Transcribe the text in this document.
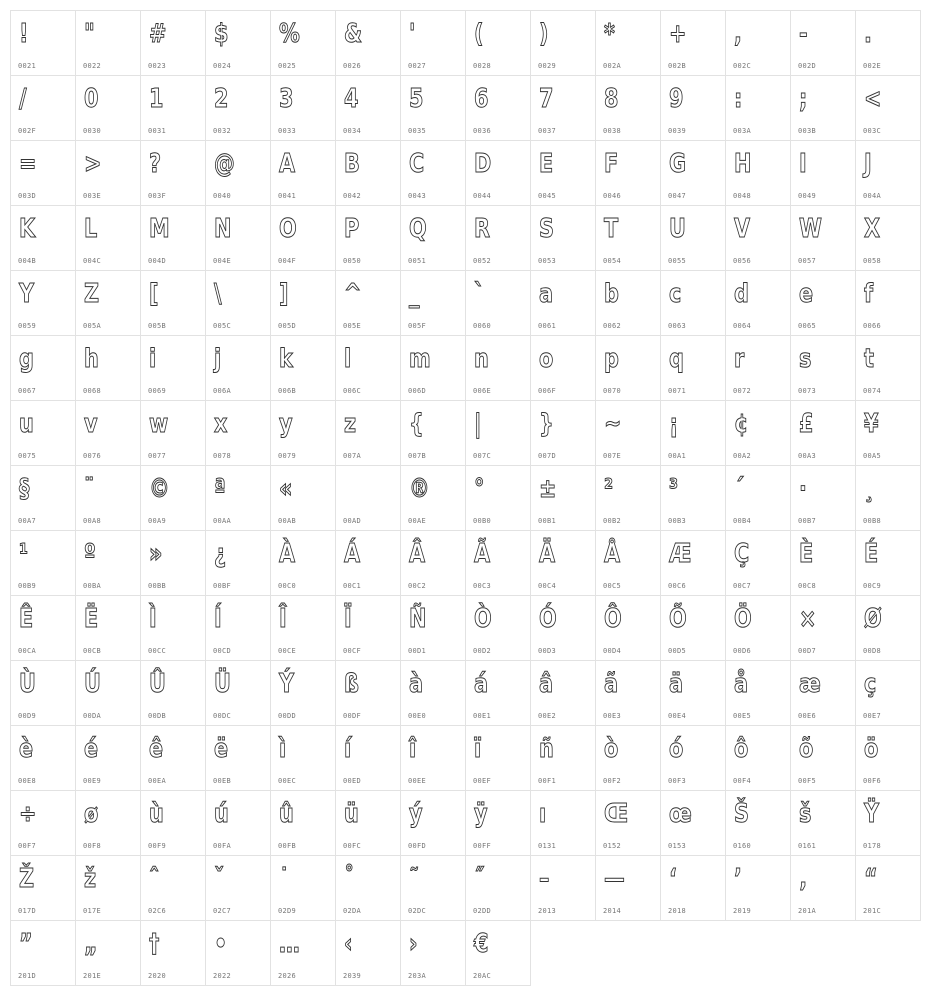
!
0021
"
0022
#
0023
$
0024
%
0025
&
0026
'
0027
(
0028
)
0029
*
002A
+
002B
,
002C
-
002D
.
002E
/
002F
0
0030
1
0031
2
0032
3
0033
4
0034
5
0035
6
0036
7
0037
8
0038
9
0039
:
003A
;
003B
<
003C
=
003D
>
003E
?
003F
@
0040
A
0041
B
0042
C
0043
D
0044
E
0045
F
0046
G
0047
H
0048
I
0049
J
004A
K
004B
L
004C
M
004D
N
004E
O
004F
P
0050
Q
0051
R
0052
S
0053
T
0054
U
0055
V
0056
W
0057
X
0058
Y
0059
Z
005A
[
005B
\
005C
]
005D
^
005E
_
005F
`
0060
a
0061
b
0062
c
0063
d
0064
e
0065
f
0066
g
0067
h
0068
i
0069
j
006A
k
006B
l
006C
m
006D
n
006E
o
006F
p
0070
q
0071
r
0072
s
0073
t
0074
u
0075
v
0076
w
0077
x
0078
y
0079
z
007A
{
007B
|
007C
}
007D
~
007E
¡
00A1
¢
00A2
£
00A3
¥
00A5
§
00A7
¨
00A8
©
00A9
ª
00AA
«
00AB	00AD
®
00AE
°
00B0
±
00B1
²
00B2
³
00B3
´
00B4
·
00B7
¸
00B8
¹
00B9
º
00BA
»
00BB
¿
00BF
À
00C0
Á
00C1
Â
00C2
Ã
00C3
Ä
00C4
Å
00C5
Æ
00C6
Ç
00C7
È
00C8
É
00C9
Ê
00CA
Ë
00CB
Ì
00CC
Í
00CD
Î
00CE
Ï
00CF
Ñ
00D1
Ò
00D2
Ó
00D3
Ô
00D4
Õ
00D5
Ö
00D6
×
00D7
Ø
00D8
Ù
00D9
Ú
00DA
Û
00DB
Ü
00DC
Ý
00DD
ß
00DF
à
00E0
á
00E1
â
00E2
ã
00E3
ä
00E4
å
00E5
æ
00E6
ç
00E7
è
00E8
é
00E9
ê
00EA
ë
00EB
ì
00EC
í
00ED
î
00EE
ï
00EF
ñ
00F1
ò
00F2
ó
00F3
ô
00F4
õ
00F5
ö
00F6
÷
00F7
ø
00F8
ù
00F9
ú
00FA
û
00FB
ü
00FC
ý
00FD
ÿ
00FF
ı
0131
Œ
0152
œ
0153
Š
0160
š
0161
Ÿ
0178
Ž
017D
ž
017E
ˆ
02C6
ˇ
02C7
˙
02D9
˚
02DA
˜
02DC
˝
02DD
–
2013
—
2014
‘
2018
’
2019
‚
201A
“
201C
”
201D
„
201E
†
2020
•
2022
…
2026
‹
2039
›
203A
€
20AC
